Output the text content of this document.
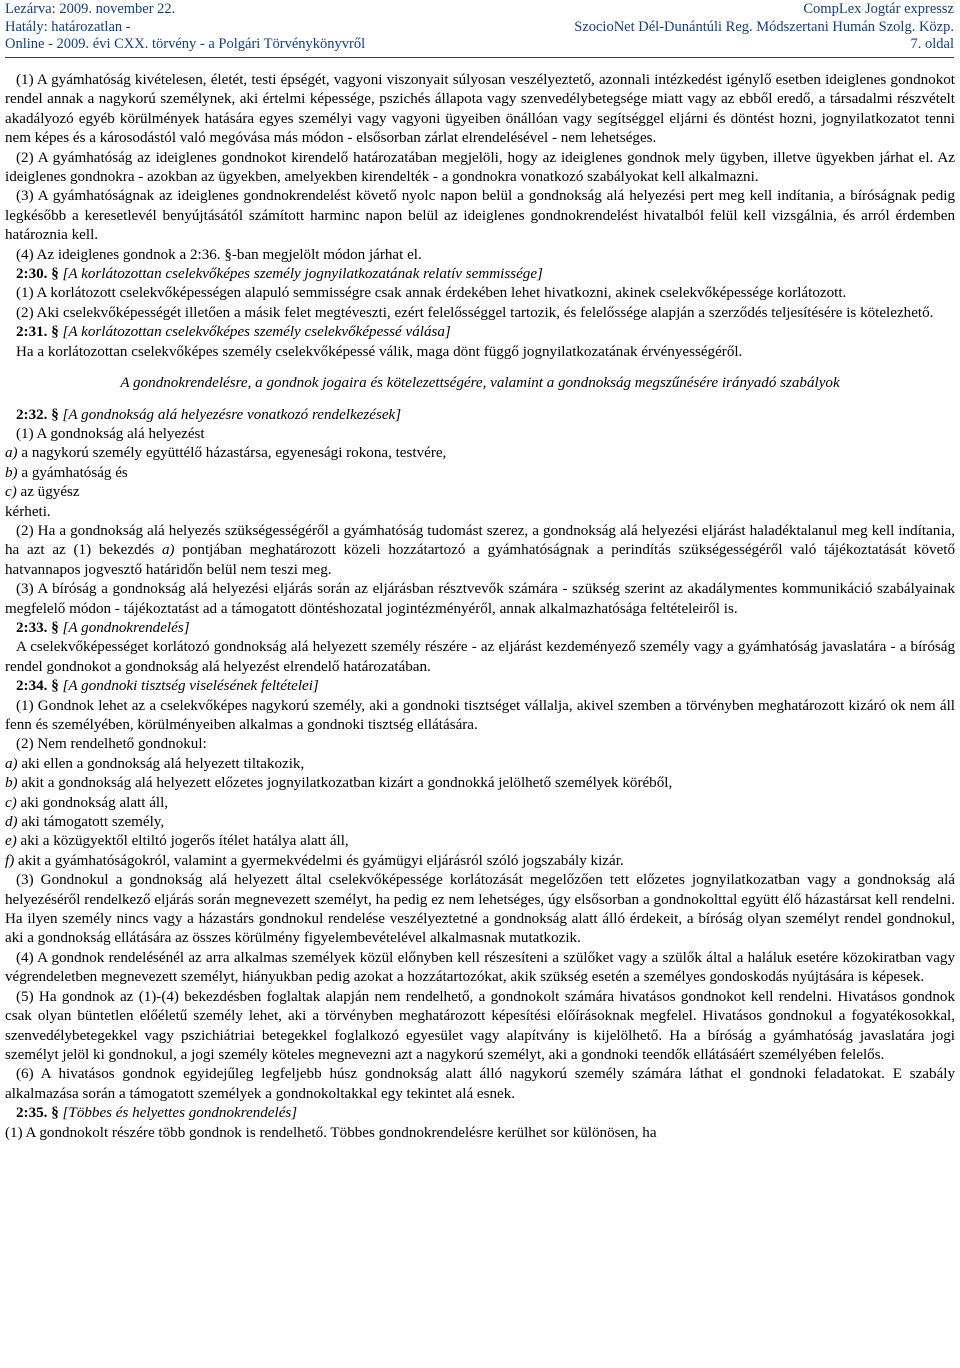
Lezárva: 2009. november 22.
Hatály: határozatlan -
Online - 2009. évi CXX. törvény - a Polgári Törvénykönyvről
CompLex Jogtár expressz
SzocioNet Dél-Dunántúli Reg. Módszertani Humán Szolg. Közp.
7. oldal

(1) A gyámhatóság kivételesen, életét, testi épségét, vagyoni viszonyait súlyosan veszélyeztető, azonnali intézkedést igénylő esetben ideiglenes gondnokot rendel annak a nagykorú személynek, aki értelmi képessége, pszichés állapota vagy szenvedélybetegsége miatt vagy az ebből eredő, a társadalmi részvételt akadályozó egyéb körülmények hatására egyes személyi vagy vagyoni ügyeiben önállóan vagy segítséggel eljárni és döntést hozni, jognyilatkozatot tenni nem képes és a károsodástól való megóvása más módon - elsősorban zárlat elrendelésével - nem lehetséges.

(2) A gyámhatóság az ideiglenes gondnokot kirendelő határozatában megjelöli, hogy az ideiglenes gondnok mely ügyben, illetve ügyekben járhat el. Az ideiglenes gondnokra - azokban az ügyekben, amelyekben kirendelték - a gondnokra vonatkozó szabályokat kell alkalmazni.

(3) A gyámhatóságnak az ideiglenes gondnokrendelést követő nyolc napon belül a gondnokság alá helyezési pert meg kell indítania, a bíróságnak pedig legkésőbb a keresetlevél benyújtásától számított harminc napon belül az ideiglenes gondnokrendelést hivatalból felül kell vizsgálnia, és arról érdemben határoznia kell.

(4) Az ideiglenes gondnok a 2:36. §-ban megjelölt módon járhat el.

2:30. § [A korlátozottan cselekvőképes személy jognyilatkozatának relatív semmissége]

(1) A korlátozott cselekvőképességen alapuló semmisségre csak annak érdekében lehet hivatkozni, akinek cselekvőképessége korlátozott.

(2) Aki cselekvőképességét illetően a másik felet megtéveszti, ezért felelősséggel tartozik, és felelőssége alapján a szerződés teljesítésére is kötelezhető.

2:31. § [A korlátozottan cselekvőképes személy cselekvőképessé válása]

Ha a korlátozottan cselekvőképes személy cselekvőképessé válik, maga dönt függő jognyilatkozatának érvényességéről.

A gondnokrendelésre, a gondnok jogaira és kötelezettségére, valamint a gondnokság megszűnésére irányadó szabályok

2:32. § [A gondnokság alá helyezésre vonatkozó rendelkezések]

(1) A gondnokság alá helyezést

a) a nagykorú személy együttélő házastársa, egyenesági rokona, testvére,

b) a gyámhatóság és

c) az ügyész

kérheti.

(2) Ha a gondnokság alá helyezés szükségességéről a gyámhatóság tudomást szerez, a gondnokság alá helyezési eljárást haladéktalanul meg kell indítania, ha azt az (1) bekezdés a) pontjában meghatározott közeli hozzátartozó a gyámhatóságnak a perindítás szükségességéről való tájékoztatását követő hatvannapos jogvesztő határidőn belül nem teszi meg.

(3) A bíróság a gondnokság alá helyezési eljárás során az eljárásban résztvevők számára - szükség szerint az akadálymentes kommunikáció szabályainak megfelelő módon - tájékoztatást ad a támogatott döntéshozatal jogintézményéről, annak alkalmazhatósága feltételeiről is.

2:33. § [A gondnokrendelés]

A cselekvőképességet korlátozó gondnokság alá helyezett személy részére - az eljárást kezdeményező személy vagy a gyámhatóság javaslatára - a bíróság rendel gondnokot a gondnokság alá helyezést elrendelő határozatában.

2:34. § [A gondnoki tisztség viselésének feltételei]

(1) Gondnok lehet az a cselekvőképes nagykorú személy, aki a gondnoki tisztséget vállalja, akivel szemben a törvényben meghatározott kizáró ok nem áll fenn és személyében, körülményeiben alkalmas a gondnoki tisztség ellátására.

(2) Nem rendelhető gondnokul:

a) aki ellen a gondnokság alá helyezett tiltakozik,

b) akit a gondnokság alá helyezett előzetes jognyilatkozatban kizárt a gondnokká jelölhető személyek köréből,

c) aki gondnokság alatt áll,

d) aki támogatott személy,

e) aki a közügyektől eltiltó jogerős ítélet hatálya alatt áll,

f) akit a gyámhatóságokról, valamint a gyermekvédelmi és gyámügyi eljárásról szóló jogszabály kizár.

(3) Gondnokul a gondnokság alá helyezett által cselekvőképessége korlátozását megelőzően tett előzetes jognyilatkozatban vagy a gondnokság alá helyezéséről rendelkező eljárás során megnevezett személyt, ha pedig ez nem lehetséges, úgy elsősorban a gondnokolttal együtt élő házastársat kell rendelni. Ha ilyen személy nincs vagy a házastárs gondnokul rendelése veszélyeztetné a gondnokság alatt álló érdekeit, a bíróság olyan személyt rendel gondnokul, aki a gondnokság ellátására az összes körülmény figyelembevételével alkalmasnak mutatkozik.

(4) A gondnok rendelésénél az arra alkalmas személyek közül előnyben kell részesíteni a szülőket vagy a szülők által a haláluk esetére közokiratban vagy végrendeletben megnevezett személyt, hiányukban pedig azokat a hozzátartozókat, akik szükség esetén a személyes gondoskodás nyújtására is képesek.

(5) Ha gondnok az (1)-(4) bekezdésben foglaltak alapján nem rendelhető, a gondnokolt számára hivatásos gondnokot kell rendelni. Hivatásos gondnok csak olyan büntetlen előéletű személy lehet, aki a törvényben meghatározott képesítési előírásoknak megfelel. Hivatásos gondnokul a fogyatékosokkal, szenvedélybetegekkel vagy pszichiátriai betegekkel foglalkozó egyesület vagy alapítvány is kijelölhető. Ha a bíróság a gyámhatóság javaslatára jogi személyt jelöl ki gondnokul, a jogi személy köteles megnevezni azt a nagykorú személyt, aki a gondnoki teendők ellátásáért személyében felelős.

(6) A hivatásos gondnok egyidejűleg legfeljebb húsz gondnokság alatt álló nagykorú személy számára láthat el gondnoki feladatokat. E szabály alkalmazása során a támogatott személyek a gondnokoltakkal egy tekintet alá esnek.

2:35. § [Többes és helyettes gondnokrendelés]

(1) A gondnokolt részére több gondnok is rendelhető. Többes gondnokrendelésre kerülhet sor különösen, ha
